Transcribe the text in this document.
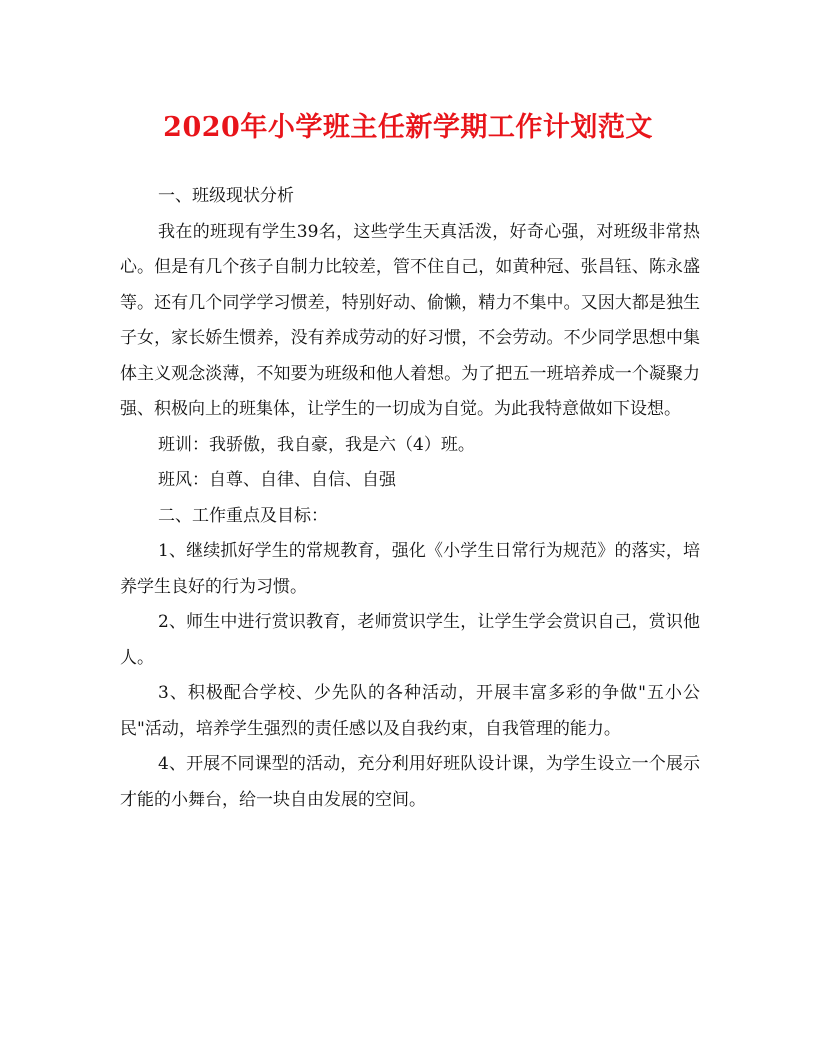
2020年小学班主任新学期工作计划范文

一、班级现状分析

我在的班现有学生39名，这些学生天真活泼，好奇心强，对班级非常热心。但是有几个孩子自制力比较差，管不住自己，如黄种冠、张昌钰、陈永盛等。还有几个同学学习惯差，特别好动、偷懒，精力不集中。又因大都是独生子女，家长娇生惯养，没有养成劳动的好习惯，不会劳动。不少同学思想中集体主义观念淡薄，不知要为班级和他人着想。为了把五一班培养成一个凝聚力强、积极向上的班集体，让学生的一切成为自觉。为此我特意做如下设想。

班训：我骄傲，我自豪，我是六（4）班。

班风：自尊、自律、自信、自强

二、工作重点及目标：

1、继续抓好学生的常规教育，强化《小学生日常行为规范》的落实，培养学生良好的行为习惯。

2、师生中进行赏识教育，老师赏识学生，让学生学会赏识自己，赏识他人。

3、积极配合学校、少先队的各种活动，开展丰富多彩的争做"五小公民"活动，培养学生强烈的责任感以及自我约束，自我管理的能力。

4、开展不同课型的活动，充分利用好班队设计课，为学生设立一个展示才能的小舞台，给一块自由发展的空间。
